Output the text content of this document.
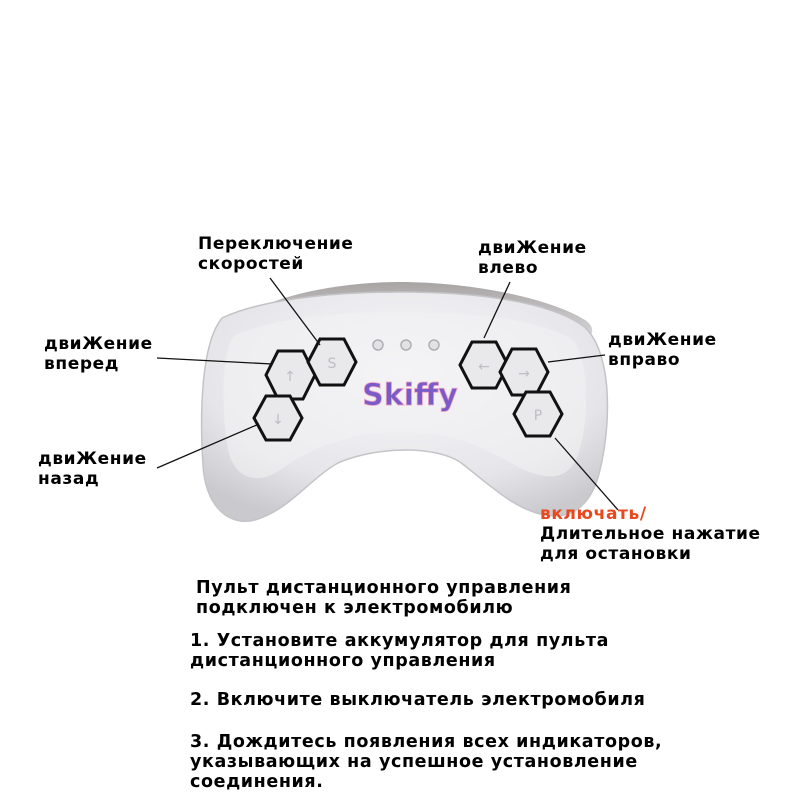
↑
S
↓
← →
P
Skiffy
Переключение
скоростей
двиЖение
влево
двиЖение
вперед
двиЖение
вправо
двиЖение
назад
включать/
Длительное нажатие
для остановки
Пульт дистанционного управления
подключен к электромобилю
1. Установите аккумулятор для пульта
дистанционного управления
2. Включите выключатель электромобиля
3. Дождитесь появления всех индикаторов,
указывающих на успешное установление
соединения.
